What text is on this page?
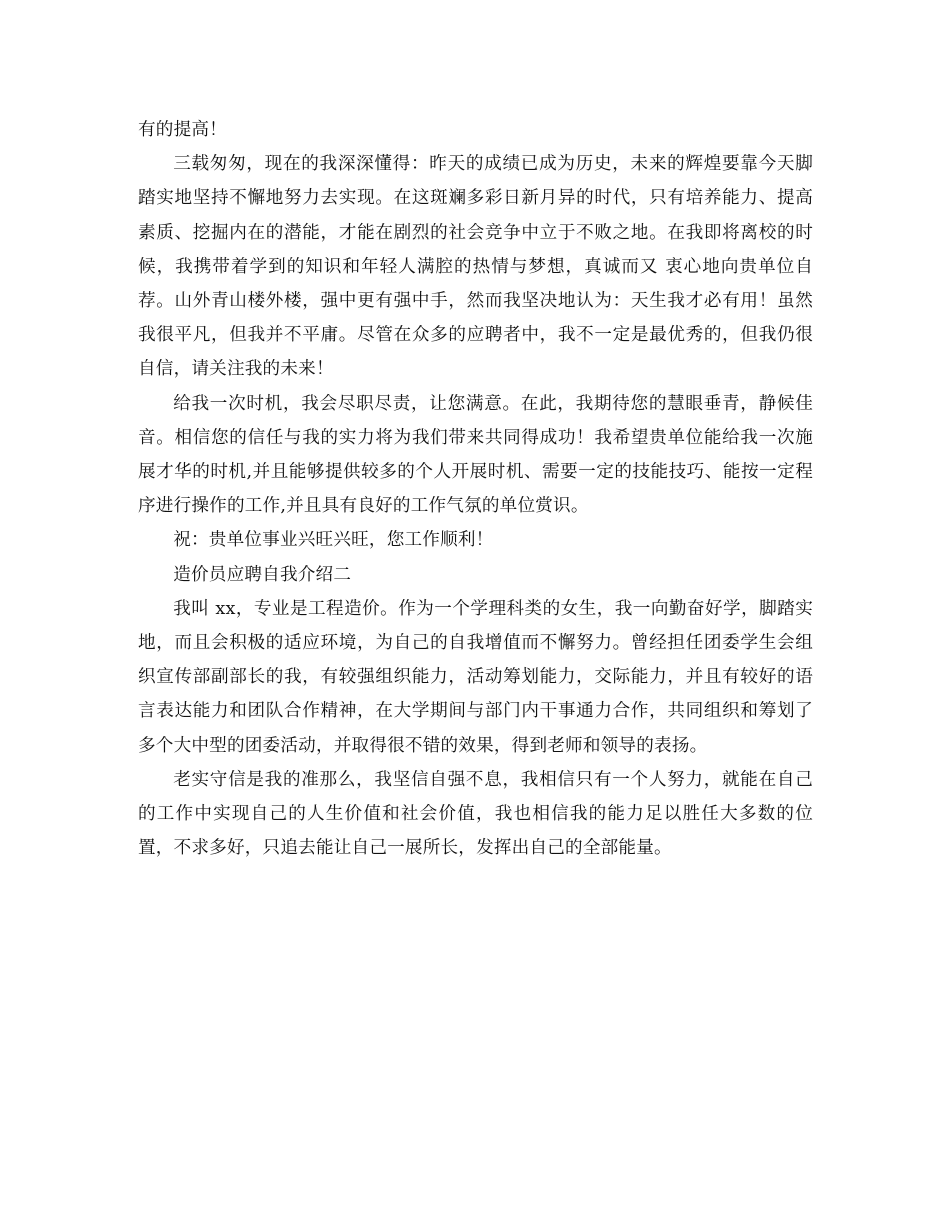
有的提高！

三载匆匆，现在的我深深懂得：昨天的成绩已成为历史，未来的辉煌要靠今天脚踏实地坚持不懈地努力去实现。在这斑斓多彩日新月异的时代，只有培养能力、提高素质、挖掘内在的潜能，才能在剧烈的社会竞争中立于不败之地。在我即将离校的时候，我携带着学到的知识和年轻人满腔的热情与梦想，真诚而又 衷心地向贵单位自荐。山外青山楼外楼，强中更有强中手，然而我坚决地认为：天生我才必有用！虽然我很平凡，但我并不平庸。尽管在众多的应聘者中，我不一定是最优秀的，但我仍很自信，请关注我的未来！

给我一次时机，我会尽职尽责，让您满意。在此，我期待您的慧眼垂青，静候佳音。相信您的信任与我的实力将为我们带来共同得成功！我希望贵单位能给我一次施展才华的时机,并且能够提供较多的个人开展时机、需要一定的技能技巧、能按一定程序进行操作的工作,并且具有良好的工作气氛的单位赏识。

祝：贵单位事业兴旺兴旺，您工作顺利！

造价员应聘自我介绍二

我叫 xx，专业是工程造价。作为一个学理科类的女生，我一向勤奋好学，脚踏实地，而且会积极的适应环境，为自己的自我增值而不懈努力。曾经担任团委学生会组织宣传部副部长的我，有较强组织能力，活动筹划能力，交际能力，并且有较好的语言表达能力和团队合作精神，在大学期间与部门内干事通力合作，共同组织和筹划了多个大中型的团委活动，并取得很不错的效果，得到老师和领导的表扬。

老实守信是我的准那么，我坚信自强不息，我相信只有一个人努力，就能在自己的工作中实现自己的人生价值和社会价值，我也相信我的能力足以胜任大多数的位置，不求多好，只追去能让自己一展所长，发挥出自己的全部能量。
